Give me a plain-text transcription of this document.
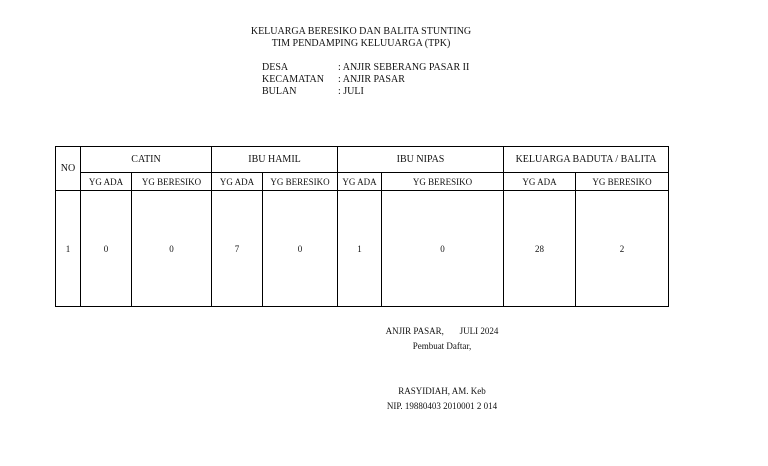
KELUARGA BERESIKO DAN BALITA STUNTING
TIM PENDAMPING KELUUARGA (TPK)
DESA	: ANJIR SEBERANG PASAR II
KECAMATAN	: ANJIR PASAR
BULAN	: JULI
NO	CATIN		IBU HAMIL		IBU NIPAS		KELUARGA BADUTA / BALITA	
	YG ADA	YG BERESIKO	YG ADA	YG BERESIKO	YG ADA	YG BERESIKO	YG ADA	YG BERESIKO
1	0	0	7	0	1	0	28	2
ANJIR PASAR,       JULI 2024
Pembuat Daftar,
RASYIDIAH, AM. Keb
NIP. 19880403 2010001 2 014
